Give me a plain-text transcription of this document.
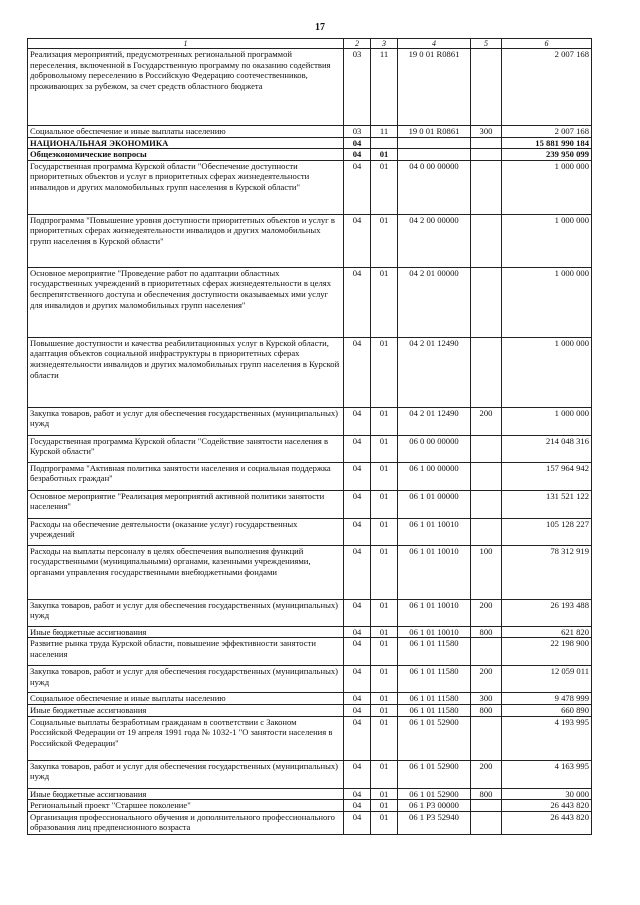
17
1	2	3	4	5	6
Реализация мероприятий, предусмотренных региональной программой переселения, включенной в Государственную программу по оказанию содействия добровольному переселению в Российскую Федерацию соотечественников, проживающих за рубежом, за счет средств областного бюджета	03	11	19 0 01 R0861		2 007 168
Социальное обеспечение и иные выплаты населению	03	11	19 0 01 R0861	300	2 007 168
НАЦИОНАЛЬНАЯ ЭКОНОМИКА	04				15 881 990 184
Общеэкономические вопросы	04	01			239 950 099
Государственная программа Курской области "Обеспечение доступности приоритетных объектов и услуг в приоритетных сферах жизнедеятельности инвалидов и других маломобильных групп населения в Курской области"	04	01	04 0 00 00000		1 000 000
Подпрограмма "Повышение уровня доступности приоритетных объектов и услуг в приоритетных сферах жизнедеятельности инвалидов и других маломобильных групп населения в Курской области"	04	01	04 2 00 00000		1 000 000
Основное мероприятие "Проведение работ по адаптации областных государственных учреждений в приоритетных сферах жизнедеятельности в целях беспрепятственного доступа и обеспечения доступности оказываемых ими услуг для инвалидов и других маломобильных групп населения"	04	01	04 2 01 00000		1 000 000
Повышение доступности и качества реабилитационных услуг в Курской области, адаптация объектов социальной инфраструктуры в приоритетных сферах жизнедеятельности инвалидов и других маломобильных групп населения в Курской области	04	01	04 2 01 12490		1 000 000
Закупка товаров, работ и услуг для обеспечения государственных (муниципальных) нужд	04	01	04 2 01 12490	200	1 000 000
Государственная программа Курской области "Содействие занятости населения в Курской области"	04	01	06 0 00 00000		214 048 316
Подпрограмма "Активная политика занятости населения и социальная поддержка безработных граждан"	04	01	06 1 00 00000		157 964 942
Основное мероприятие "Реализация мероприятий активной политики занятости населения"	04	01	06 1 01 00000		131 521 122
Расходы на обеспечение деятельности (оказание услуг) государственных учреждений	04	01	06 1 01 10010		105 128 227
Расходы на выплаты персоналу в целях обеспечения выполнения функций государственными (муниципальными) органами, казенными учреждениями, органами управления государственными внебюджетными фондами	04	01	06 1 01 10010	100	78 312 919
Закупка товаров, работ и услуг для обеспечения государственных (муниципальных) нужд	04	01	06 1 01 10010	200	26 193 488
Иные бюджетные ассигнования	04	01	06 1 01 10010	800	621 820
Развитие рынка труда Курской области, повышение эффективности занятости населения	04	01	06 1 01 11580		22 198 900
Закупка товаров, работ и услуг для обеспечения государственных (муниципальных) нужд	04	01	06 1 01 11580	200	12 059 011
Социальное обеспечение и иные выплаты населению	04	01	06 1 01 11580	300	9 478 999
Иные бюджетные ассигнования	04	01	06 1 01 11580	800	660 890
Социальные выплаты безработным гражданам в соответствии с Законом Российской Федерации от 19 апреля 1991 года № 1032-1 "О занятости населения в Российской Федерации"	04	01	06 1 01 52900		4 193 995
Закупка товаров, работ и услуг для обеспечения государственных (муниципальных) нужд	04	01	06 1 01 52900	200	4 163 995
Иные бюджетные ассигнования	04	01	06 1 01 52900	800	30 000
Региональный проект "Старшее поколение"	04	01	06 1 P3 00000		26 443 820
Организация профессионального обучения и дополнительного профессионального образования лиц предпенсионного возраста	04	01	06 1 P3 52940		26 443 820
